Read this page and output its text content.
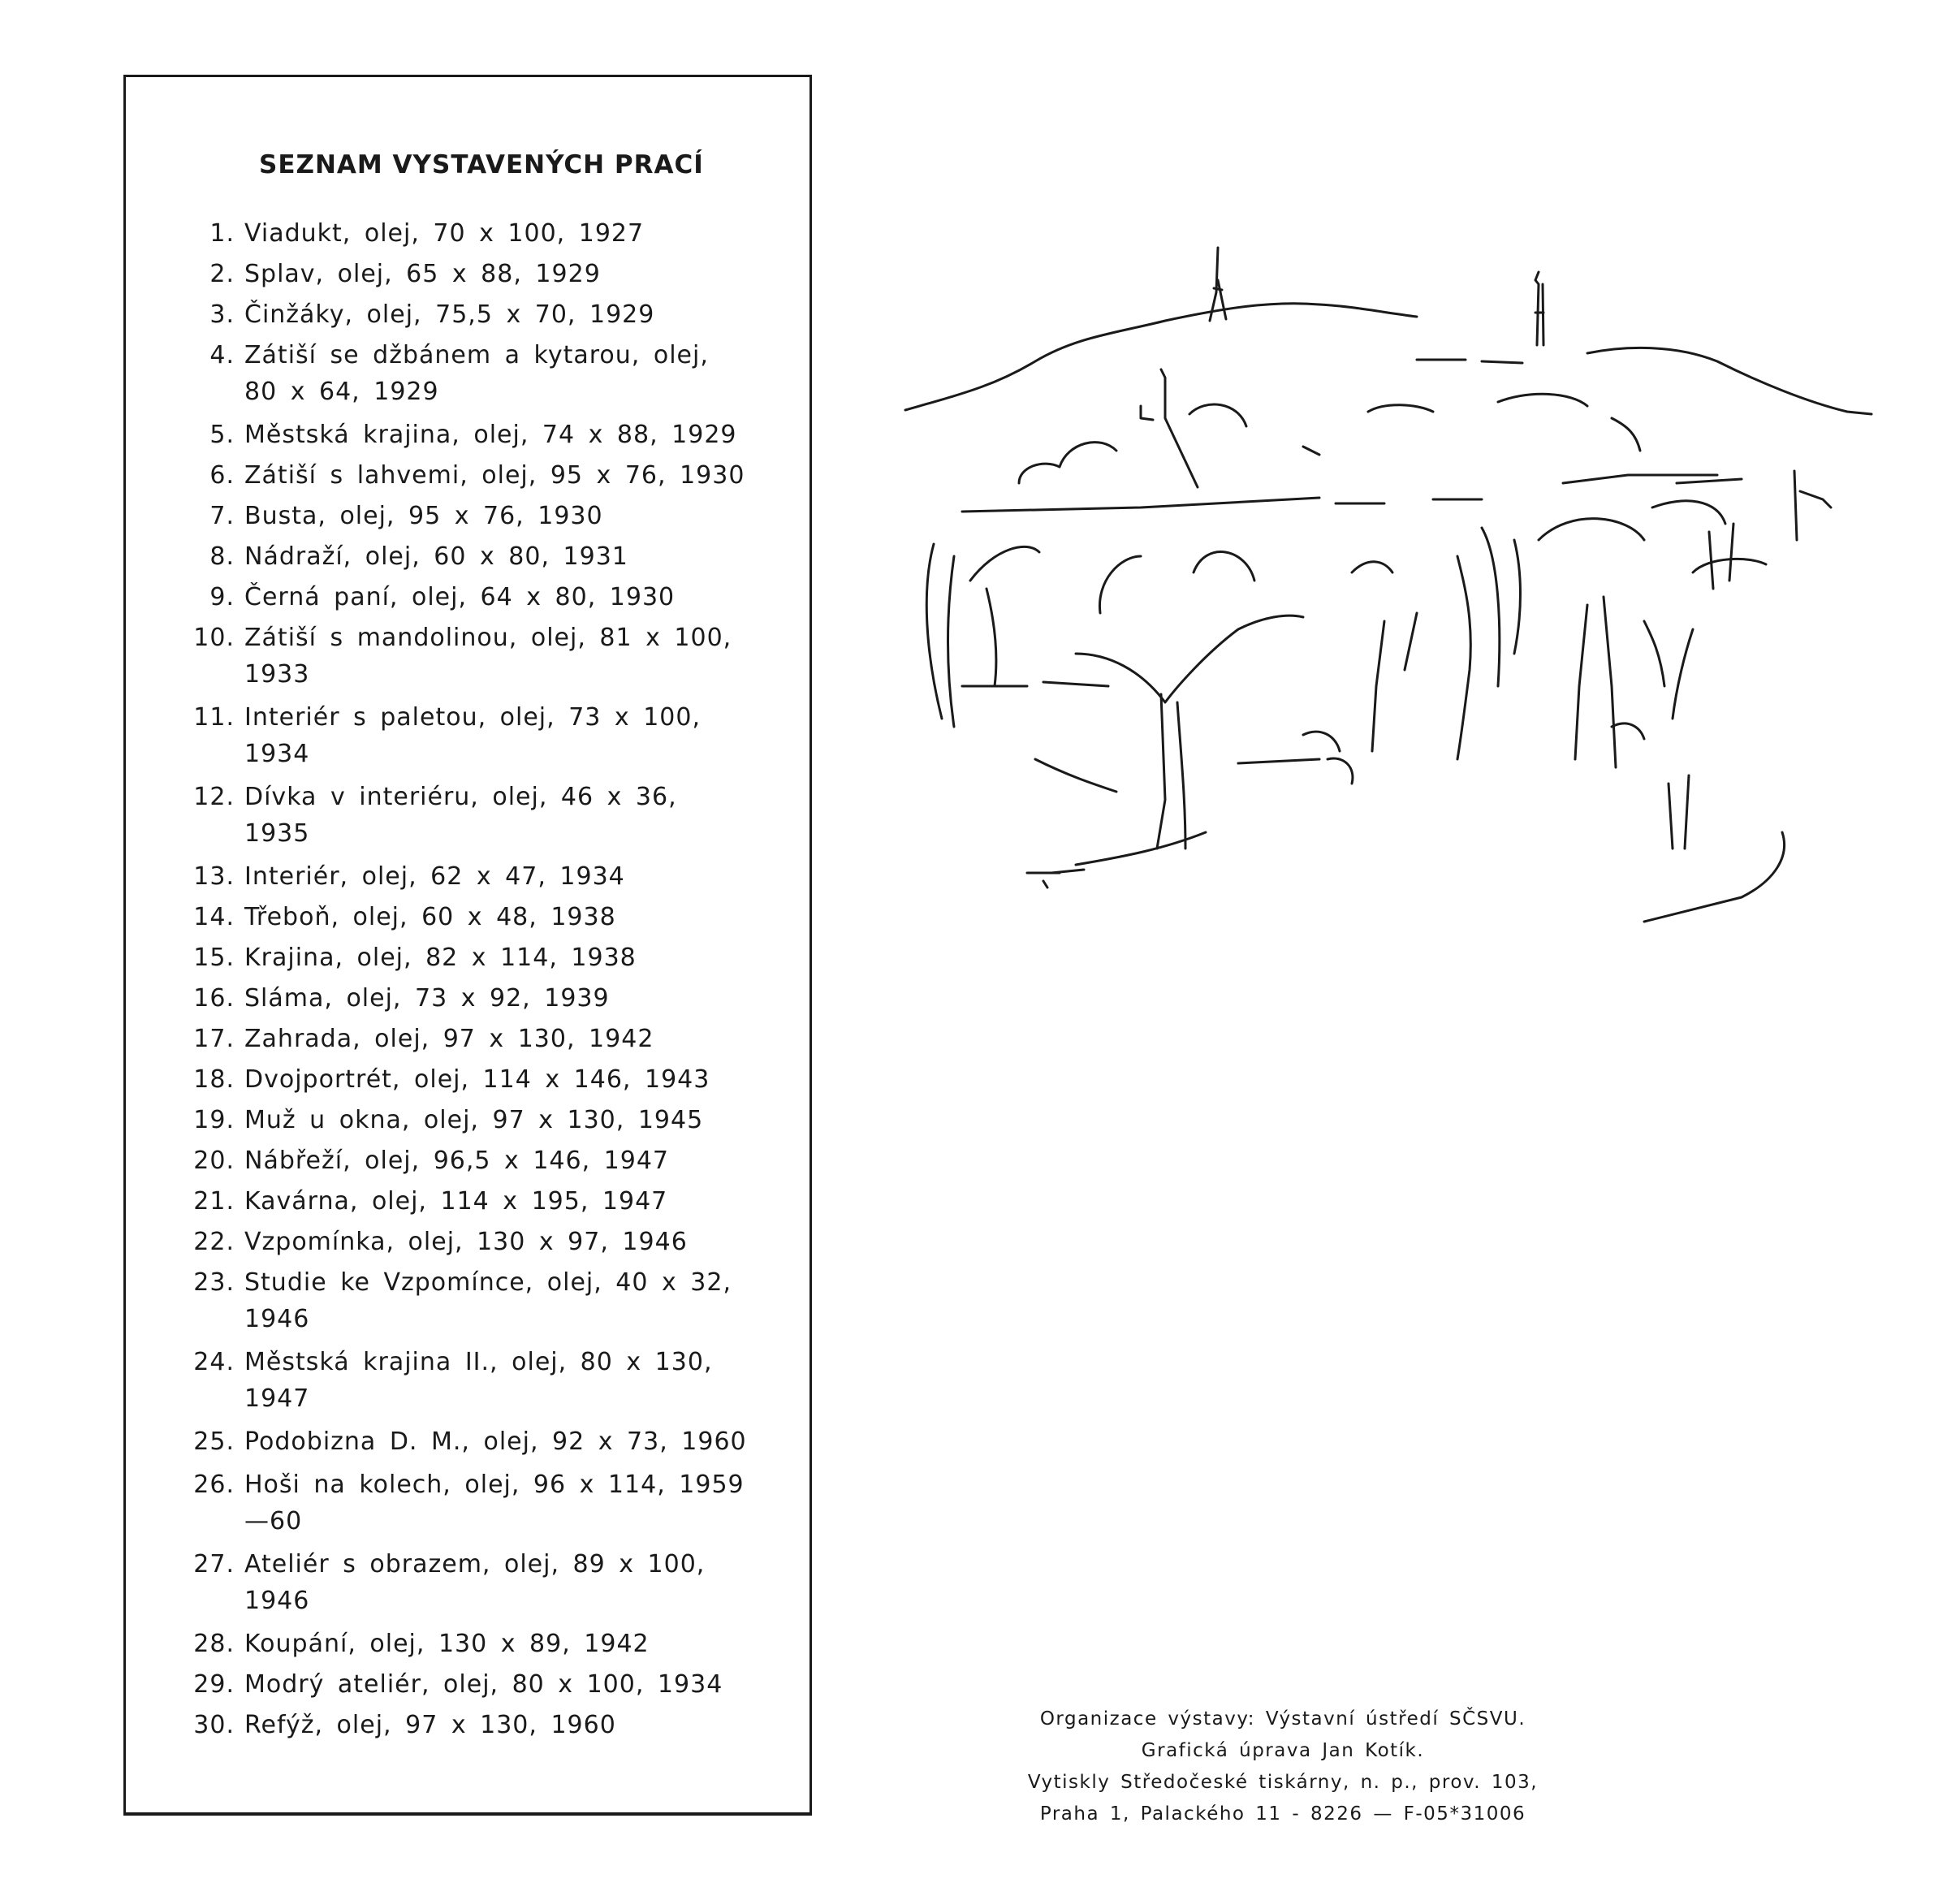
SEZNAM VYSTAVENÝCH PRACÍ
1. Viadukt, olej, 70 x 100, 1927
2. Splav, olej, 65 x 88, 1929
3. Činžáky, olej, 75,5 x 70, 1929
4. Zátiší se džbánem a kytarou, olej, 80 x 64, 1929
5. Městská krajina, olej, 74 x 88, 1929
6. Zátiší s lahvemi, olej, 95 x 76, 1930
7. Busta, olej, 95 x 76, 1930
8. Nádraží, olej, 60 x 80, 1931
9. Černá paní, olej, 64 x 80, 1930
10. Zátiší s mandolinou, olej, 81 x 100, 1933
11. Interiér s paletou, olej, 73 x 100, 1934
12. Dívka v interiéru, olej, 46 x 36, 1935
13. Interiér, olej, 62 x 47, 1934
14. Třeboň, olej, 60 x 48, 1938
15. Krajina, olej, 82 x 114, 1938
16. Sláma, olej, 73 x 92, 1939
17. Zahrada, olej, 97 x 130, 1942
18. Dvojportrét, olej, 114 x 146, 1943
19. Muž u okna, olej, 97 x 130, 1945
20. Nábřeží, olej, 96,5 x 146, 1947
21. Kavárna, olej, 114 x 195, 1947
22. Vzpomínka, olej, 130 x 97, 1946
23. Studie ke Vzpomínce, olej, 40 x 32, 1946
24. Městská krajina II., olej, 80 x 130, 1947
25. Podobizna D. M., olej, 92 x 73, 1960
26. Hoši na kolech, olej, 96 x 114, 1959—60
27. Ateliér s obrazem, olej, 89 x 100, 1946
28. Koupání, olej, 130 x 89, 1942
29. Modrý ateliér, olej, 80 x 100, 1934
30. Refýž, olej, 97 x 130, 1960	Organizace výstavy: Výstavní ústředí SČSVU.
Grafická úprava Jan Kotík.
Vytiskly Středočeské tiskárny, n. p., prov. 103,
Praha 1, Palackého 11 - 8226 — F-05*31006
